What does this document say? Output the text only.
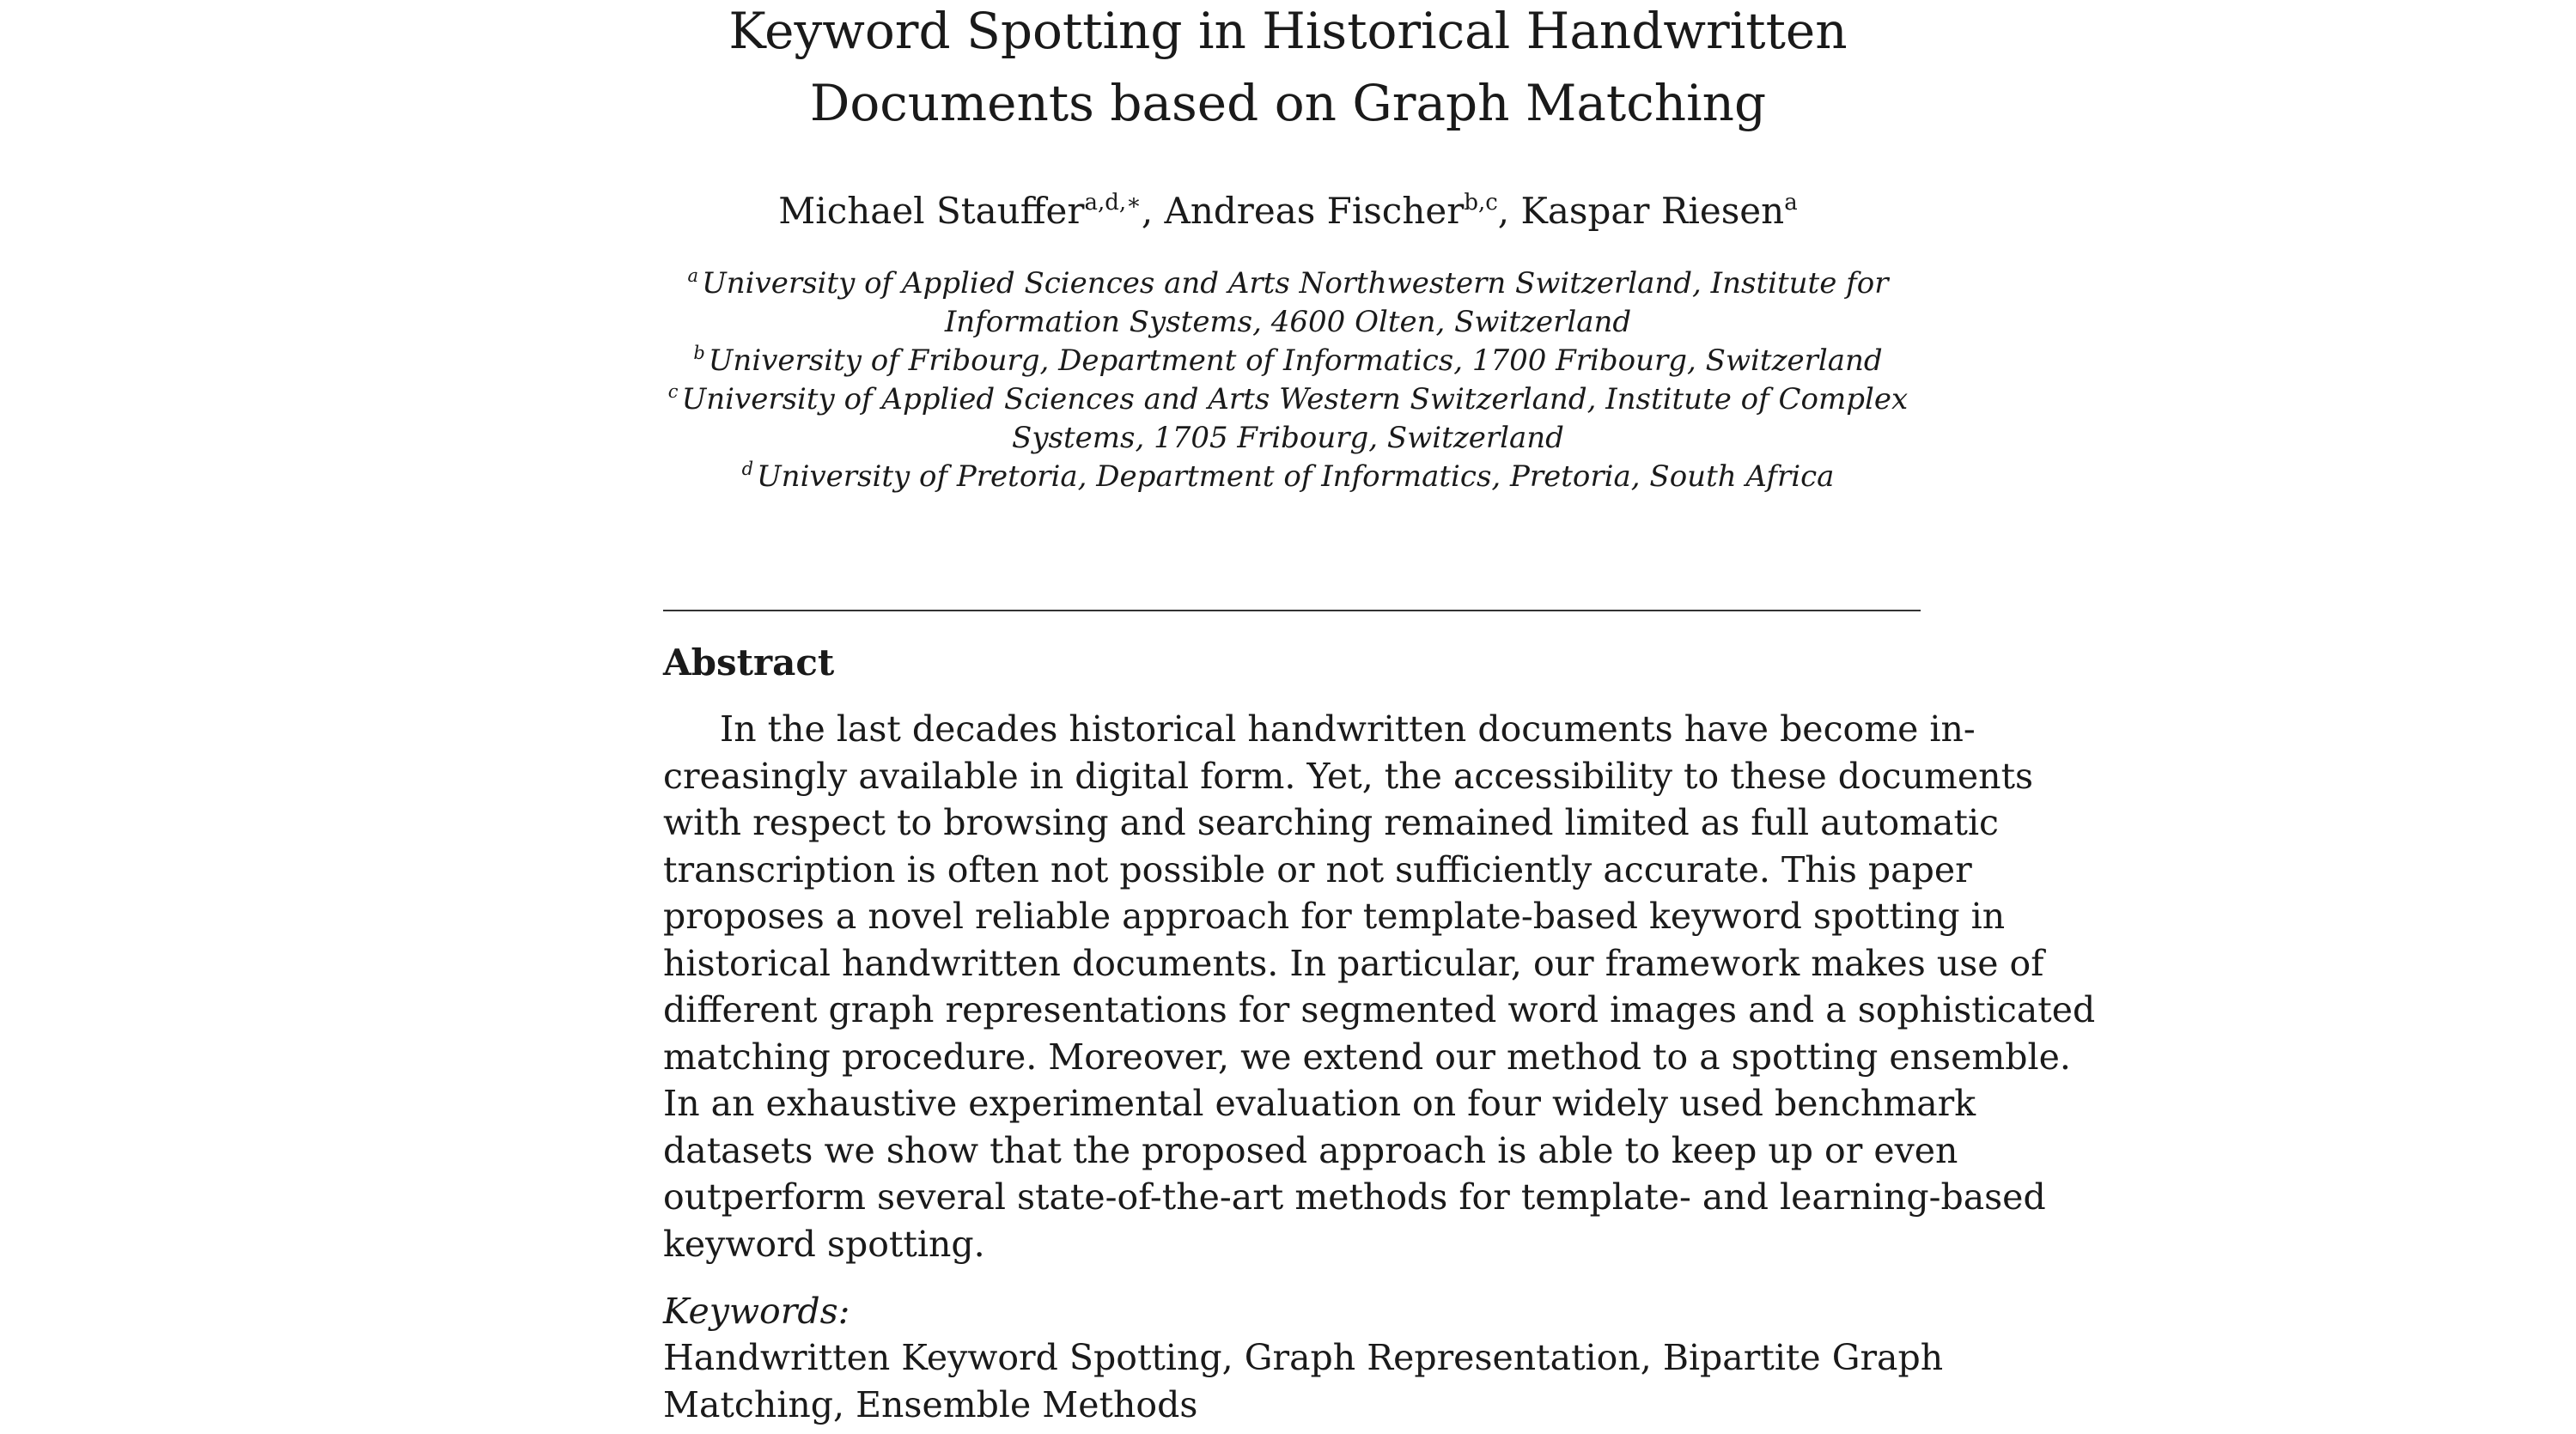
Keyword Spotting in Historical Handwritten
Documents based on Graph Matching
Michael Stauffer$^{a,d,∗}$, Andreas Fischer$^{b,c}$, Kaspar Riesen$^a$
$^a$ University of Applied Sciences and Arts Northwestern Switzerland, Institute for
Information Systems, 4600 Olten, Switzerland
$^b$ University of Fribourg, Department of Informatics, 1700 Fribourg, Switzerland
$^c$ University of Applied Sciences and Arts Western Switzerland, Institute of Complex
Systems, 1705 Fribourg, Switzerland
$^d$ University of Pretoria, Department of Informatics, Pretoria, South Africa
Abstract
In the last decades historical handwritten documents have become in-
creasingly available in digital form. Yet, the accessibility to these documents
with respect to browsing and searching remained limited as full automatic
transcription is often not possible or not sufficiently accurate. This paper
proposes a novel reliable approach for template-based keyword spotting in
historical handwritten documents. In particular, our framework makes use of
different graph representations for segmented word images and a sophisticated
matching procedure. Moreover, we extend our method to a spotting ensemble.
In an exhaustive experimental evaluation on four widely used benchmark
datasets we show that the proposed approach is able to keep up or even
outperform several state-of-the-art methods for template- and learning-based
keyword spotting.
Keywords:
Handwritten Keyword Spotting, Graph Representation, Bipartite Graph
Matching, Ensemble Methods
